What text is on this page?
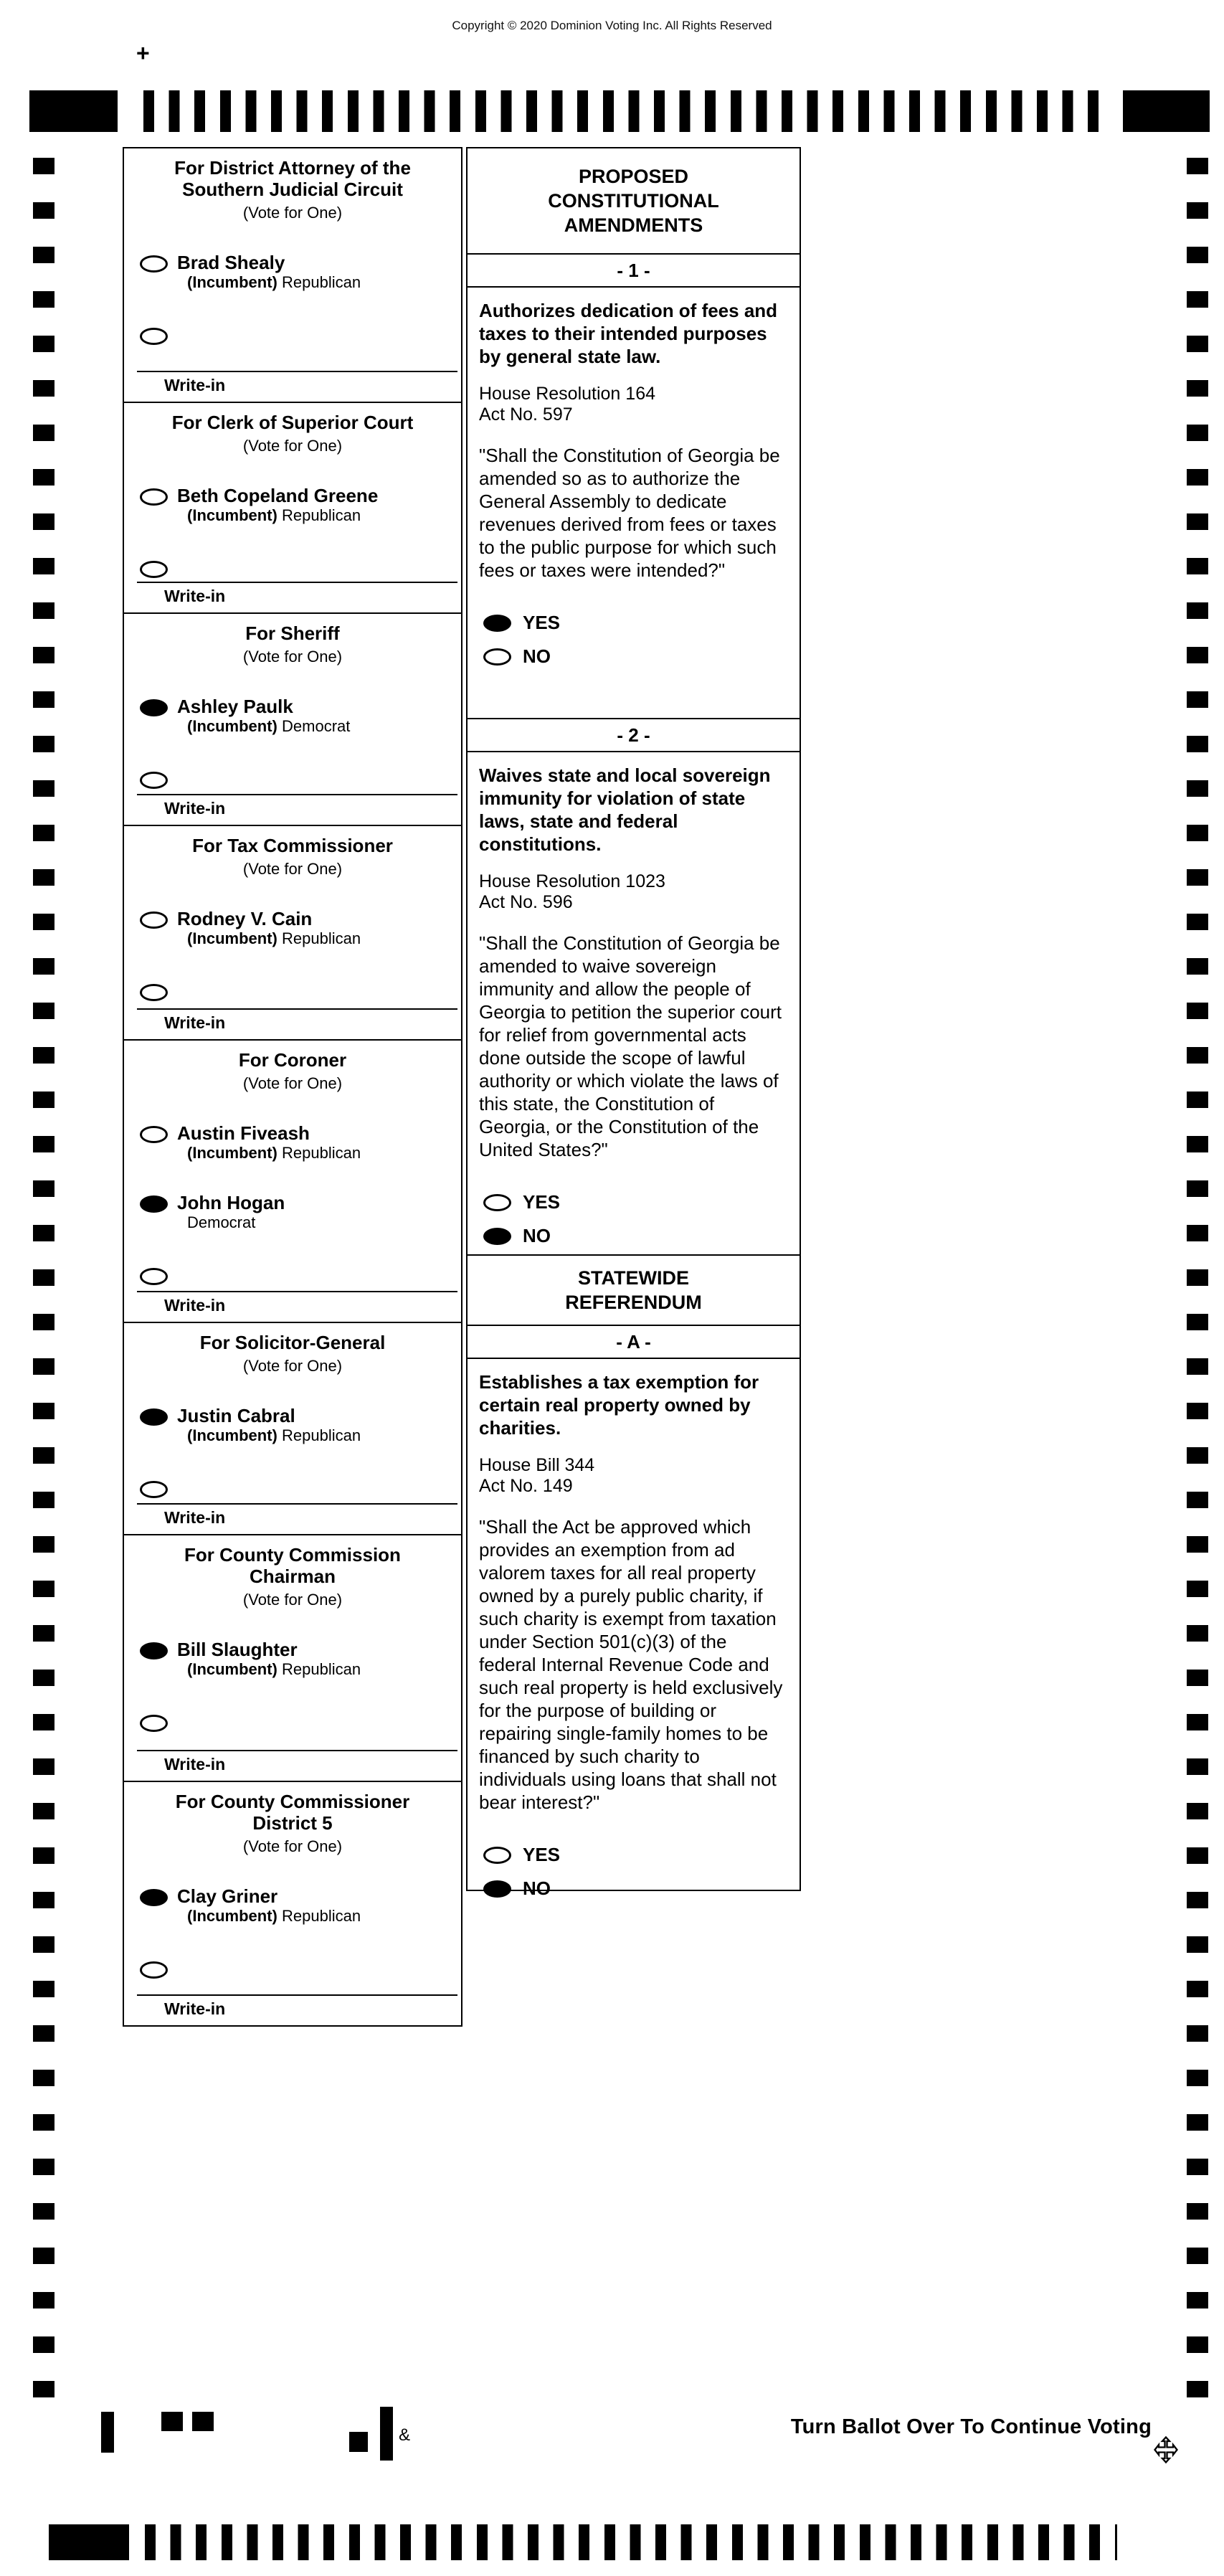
Copyright © 2020 Dominion Voting Inc. All Rights Reserved
+
For District Attorney of the Southern Judicial Circuit
(Vote for One)
Brad Shealy
(Incumbent) Republican
Write-in
For Clerk of Superior Court
(Vote for One)
Beth Copeland Greene
(Incumbent) Republican
Write-in
For Sheriff
(Vote for One)
Ashley Paulk
(Incumbent) Democrat
Write-in
For Tax Commissioner
(Vote for One)
Rodney V. Cain
(Incumbent) Republican
Write-in
For Coroner
(Vote for One)
Austin Fiveash
(Incumbent) Republican
John Hogan
Democrat
Write-in
For Solicitor-General
(Vote for One)
Justin Cabral
(Incumbent) Republican
Write-in
For County Commission Chairman
(Vote for One)
Bill Slaughter
(Incumbent) Republican
Write-in
For County Commissioner District 5
(Vote for One)
Clay Griner
(Incumbent) Republican
Write-in
PROPOSED CONSTITUTIONAL AMENDMENTS
- 1 -
Authorizes dedication of fees and taxes to their intended purposes by general state law.
House Resolution 164
Act No. 597
"Shall the Constitution of Georgia be amended so as to authorize the General Assembly to dedicate revenues derived from fees or taxes to the public purpose for which such fees or taxes were intended?"
YES
NO
- 2 -
Waives state and local sovereign immunity for violation of state laws, state and federal constitutions.
House Resolution 1023
Act No. 596
"Shall the Constitution of Georgia be amended to waive sovereign immunity and allow the people of Georgia to petition the superior court for relief from governmental acts done outside the scope of lawful authority or which violate the laws of this state, the Constitution of Georgia, or the Constitution of the United States?"
YES
NO
STATEWIDE REFERENDUM
- A -
Establishes a tax exemption for certain real property owned by charities.
House Bill 344
Act No. 149
"Shall the Act be approved which provides an exemption from ad valorem taxes for all real property owned by a purely public charity, if such charity is exempt from taxation under Section 501(c)(3) of the federal Internal Revenue Code and such real property is held exclusively for the purpose of building or repairing single-family homes to be financed by such charity to individuals using loans that shall not bear interest?"
YES
NO
&	Turn Ballot Over To Continue Voting
